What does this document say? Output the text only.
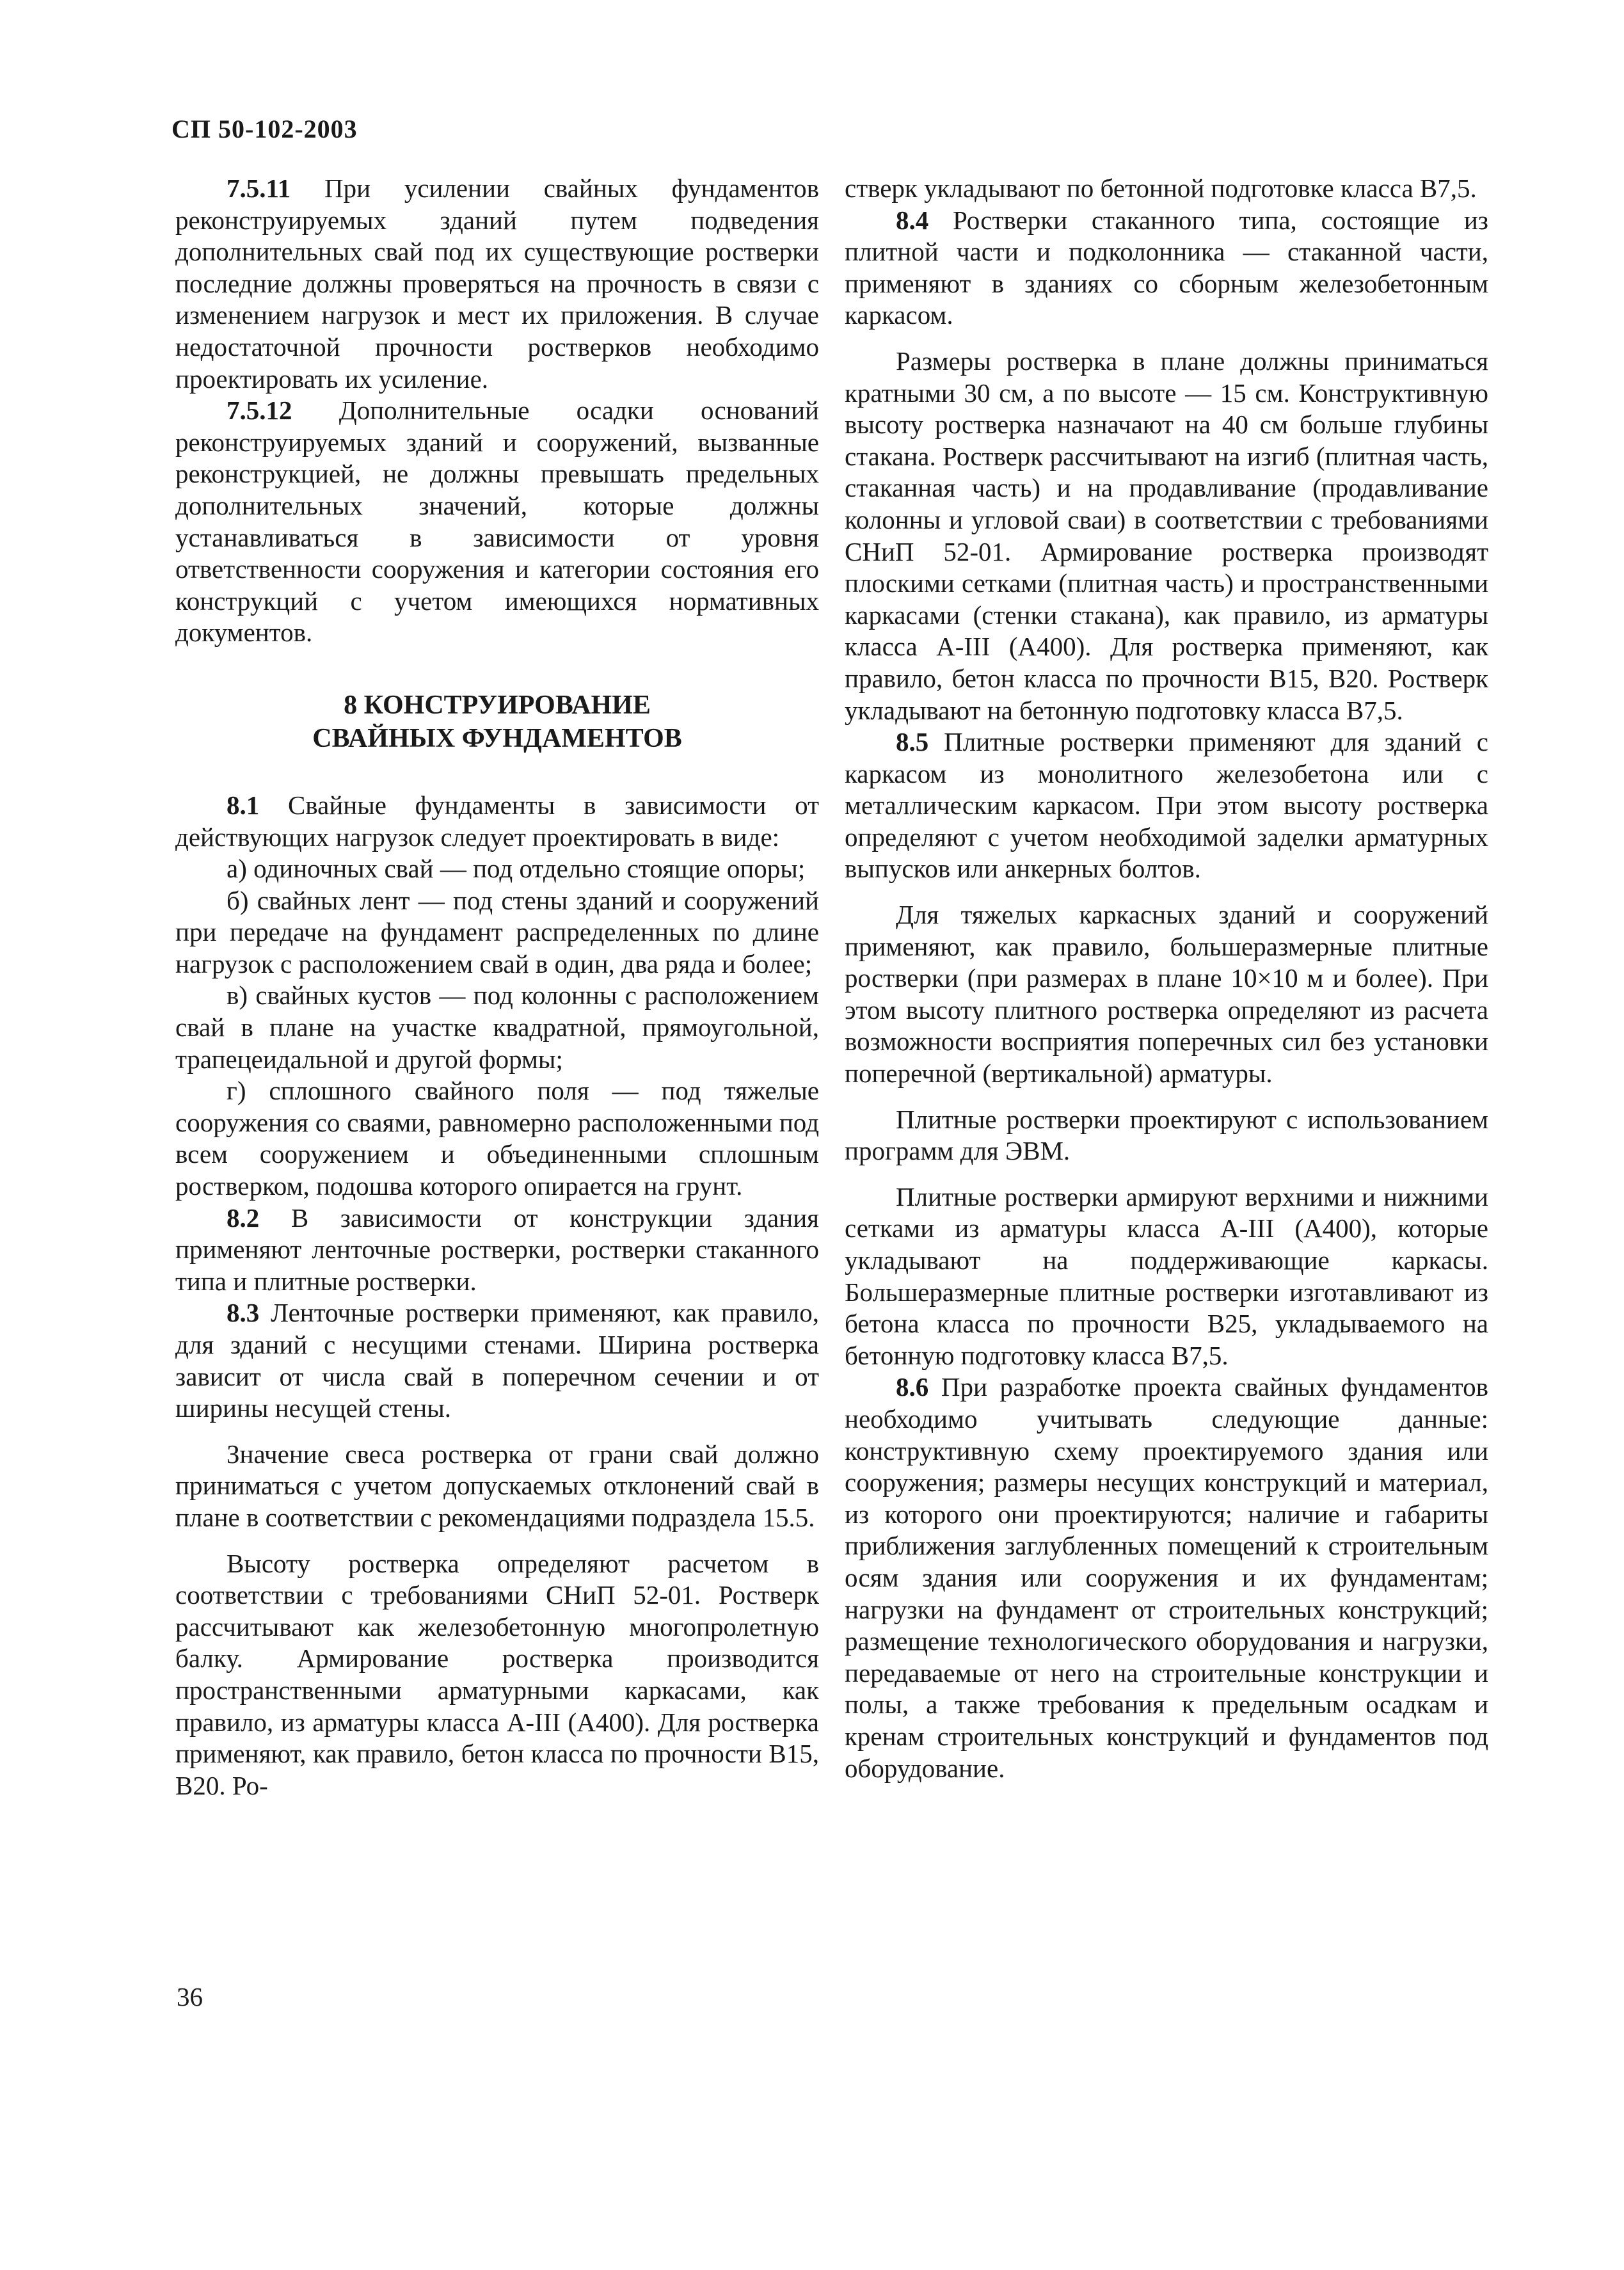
СП 50-102-2003

7.5.11 При усилении свайных фундаментов реконструируемых зданий путем подведения дополнительных свай под их существующие ростверки последние должны проверяться на прочность в связи с изменением нагрузок и мест их приложения. В случае недостаточной прочности ростверков необходимо проектировать их усиление.

7.5.12 Дополнительные осадки оснований реконструируемых зданий и сооружений, вызванные реконструкцией, не должны превышать предельных дополнительных значений, которые должны устанавливаться в зависимости от уровня ответственности сооружения и категории состояния его конструкций с учетом имеющихся нормативных документов.

8 КОНСТРУИРОВАНИЕ
СВАЙНЫХ ФУНДАМЕНТОВ

8.1 Свайные фундаменты в зависимости от действующих нагрузок следует проектировать в виде:

а) одиночных свай — под отдельно стоящие опоры;

б) свайных лент — под стены зданий и сооружений при передаче на фундамент распределенных по длине нагрузок с расположением свай в один, два ряда и более;

в) свайных кустов — под колонны с расположением свай в плане на участке квадратной, прямоугольной, трапецеидальной и другой формы;

г) сплошного свайного поля — под тяжелые сооружения со сваями, равномерно расположенными под всем сооружением и объединенными сплошным ростверком, подошва которого опирается на грунт.

8.2 В зависимости от конструкции здания применяют ленточные ростверки, ростверки стаканного типа и плитные ростверки.

8.3 Ленточные ростверки применяют, как правило, для зданий с несущими стенами. Ширина ростверка зависит от числа свай в поперечном сечении и от ширины несущей стены.

Значение свеса ростверка от грани свай должно приниматься с учетом допускаемых отклонений свай в плане в соответствии с рекомендациями подраздела 15.5.

Высоту ростверка определяют расчетом в соответствии с требованиями СНиП 52-01. Ростверк рассчитывают как железобетонную многопролетную балку. Армирование ростверка производится пространственными арматурными каркасами, как правило, из арматуры класса А-III (А400). Для ростверка применяют, как правило, бетон класса по прочности В15, В20. Ро-

стверк укладывают по бетонной подготовке класса В7,5.

8.4 Ростверки стаканного типа, состоящие из плитной части и подколонника — стаканной части, применяют в зданиях со сборным железобетонным каркасом.

Размеры ростверка в плане должны приниматься кратными 30 см, а по высоте — 15 см. Конструктивную высоту ростверка назначают на 40 см больше глубины стакана. Ростверк рассчитывают на изгиб (плитная часть, стаканная часть) и на продавливание (продавливание колонны и угловой сваи) в соответствии с требованиями СНиП 52-01. Армирование ростверка производят плоскими сетками (плитная часть) и пространственными каркасами (стенки стакана), как правило, из арматуры класса А-III (А400). Для ростверка применяют, как правило, бетон класса по прочности В15, В20. Ростверк укладывают на бетонную подготовку класса В7,5.

8.5 Плитные ростверки применяют для зданий с каркасом из монолитного железобетона или с металлическим каркасом. При этом высоту ростверка определяют с учетом необходимой заделки арматурных выпусков или анкерных болтов.

Для тяжелых каркасных зданий и сооружений применяют, как правило, большеразмерные плитные ростверки (при размерах в плане 10×10 м и более). При этом высоту плитного ростверка определяют из расчета возможности восприятия поперечных сил без установки поперечной (вертикальной) арматуры.

Плитные ростверки проектируют с использованием программ для ЭВМ.

Плитные ростверки армируют верхними и нижними сетками из арматуры класса А-III (А400), которые укладывают на поддерживающие каркасы. Большеразмерные плитные ростверки изготавливают из бетона класса по прочности В25, укладываемого на бетонную подготовку класса В7,5.

8.6 При разработке проекта свайных фундаментов необходимо учитывать следующие данные: конструктивную схему проектируемого здания или сооружения; размеры несущих конструкций и материал, из которого они проектируются; наличие и габариты приближения заглубленных помещений к строительным осям здания или сооружения и их фундаментам; нагрузки на фундамент от строительных конструкций; размещение технологического оборудования и нагрузки, передаваемые от него на строительные конструкции и полы, а также требования к предельным осадкам и кренам строительных конструкций и фундаментов под оборудование.

36
